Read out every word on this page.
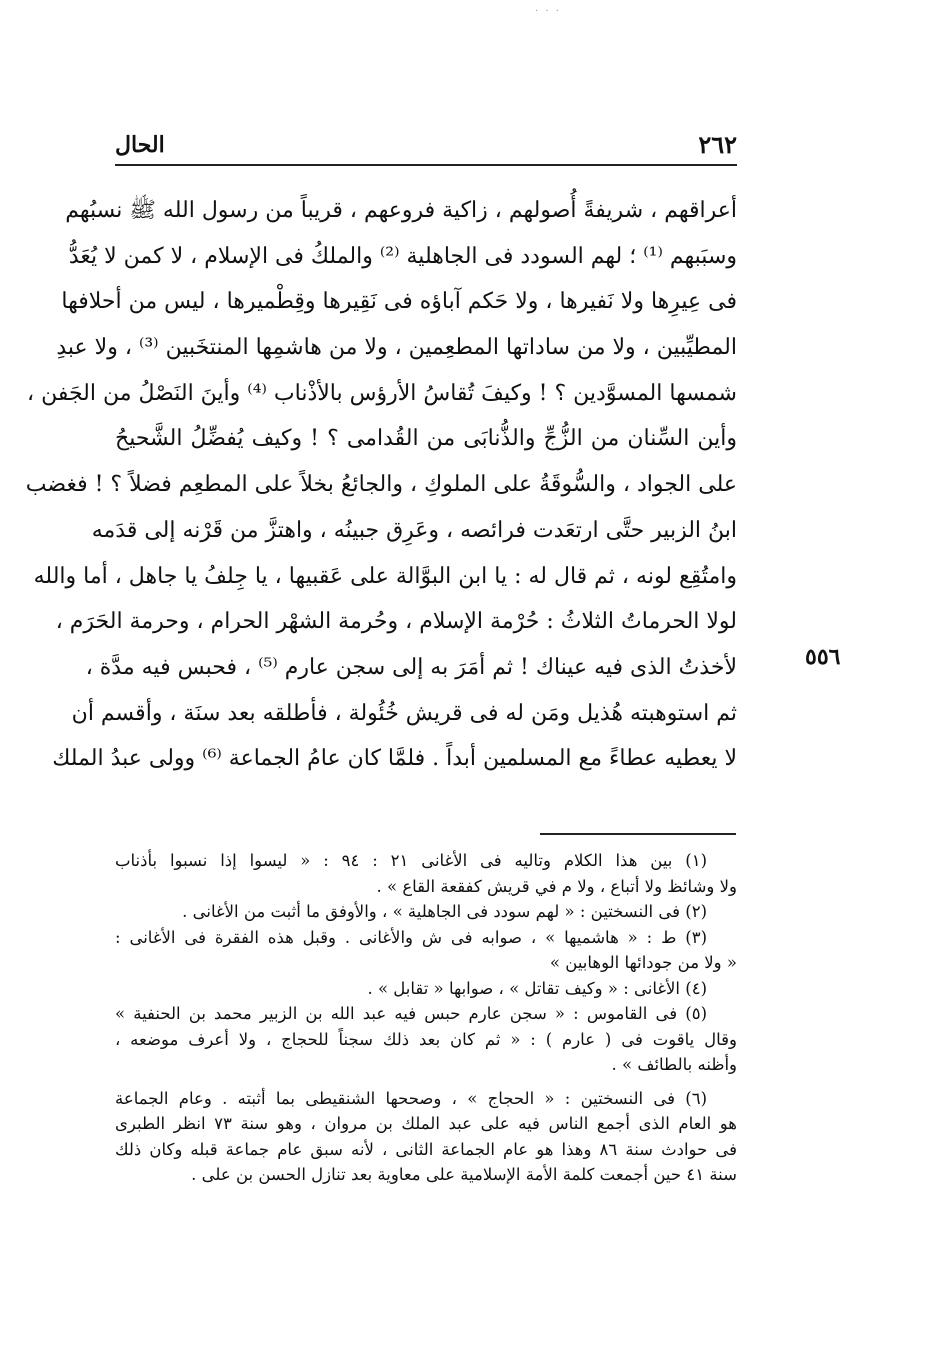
· · ·
٢٦٢
الحال
أعراقهم ، شريفةً أُصولهم ، زاكية فروعهم ، قريباً من رسول الله ﷺ نسبُهم
وسبَبهم ⁽¹⁾ ؛ لهم السودد فى الجاهلية ⁽²⁾ والملكُ فى الإسلام ، لا كمن لا يُعَدُّ
فى عِيرِها ولا نَفيرها ، ولا حَكم آباؤه فى نَقِيرها وقِطْميرها ، ليس من أحلافها
المطيِّبين ، ولا من ساداتها المطعِمين ، ولا من هاشمِها المنتخَبين ⁽³⁾ ، ولا عبدِ
شمسها المسوَّدين ؟ ! وكيفَ تُقاسُ الأرؤس بالأذْناب ⁽⁴⁾ وأينَ النَصْلُ من الجَفن ،
وأين السِّنان من الزُّجِّ والذُّنابَى من القُدامى ؟ ! وكيف يُفضِّلُ الشَّحيحُ
على الجواد ، والسُّوقَةُ على الملوكِ ، والجائعُ بخلاً على المطعِم فضلاً ؟ ! فغضب
ابنُ الزبير حتَّى ارتعَدت فرائصه ، وعَرِق جبينُه ، واهتزَّ من قَرْنه إلى قدَمه
وامتُقِع لونه ، ثم قال له : يا ابن البوَّالة على عَقبيها ، يا جِلفُ يا جاهل ، أما والله
لولا الحرماتُ الثلاثُ : حُرْمة الإسلام ، وحُرمة الشهْر الحرام ، وحرمة الحَرَم ،
لأخذتُ الذى فيه عيناك ! ثم أمَرَ به إلى سجن عارم ⁽⁵⁾ ، فحبس فيه مدَّة ،
ثم استوهبته هُذيل ومَن له فى قريش خُئُولة ، فأطلقه بعد سنَة ، وأقسم أن
لا يعطيه عطاءً مع المسلمين أبداً . فلمَّا كان عامُ الجماعة ⁽⁶⁾ وولى عبدُ الملك
٥٥٦
(١) بين هذا الكلام وتاليه فى الأغانى ٢١ : ٩٤ : « ليسوا إذا نسبوا بأذناب
ولا وشائظ ولا أتباع ، ولا م في قريش كفقعة القاع » .
(٢) فى النسختين : « لهم سودد فى الجاهلية » ، والأوفق ما أثبت من الأغانى .
(٣) ط : « هاشميها » ، صوابه فى ش والأغانى . وقبل هذه الفقرة فى الأغانى :
« ولا من جودائها الوهابين »
(٤) الأغانى : « وكيف تقاتل » ، صوابها « تقابل » .
(٥) فى القاموس : « سجن عارم حبس فيه عبد الله بن الزبير محمد بن الحنفية »
وقال ياقوت فى ( عارم ) : « ثم كان بعد ذلك سجناً للحجاج ، ولا أعرف موضعه ،
وأظنه بالطائف » .
(٦) فى النسختين : « الحجاج » ، وصححها الشنقيطى بما أثبته . وعام الجماعة
هو العام الذى أجمع الناس فيه على عبد الملك بن مروان ، وهو سنة ٧٣ انظر الطبرى
فى حوادث سنة ٨٦ وهذا هو عام الجماعة الثانى ، لأنه سبق عام جماعة قبله وكان ذلك
سنة ٤١ حين أجمعت كلمة الأمة الإسلامية على معاوية بعد تنازل الحسن بن على .
